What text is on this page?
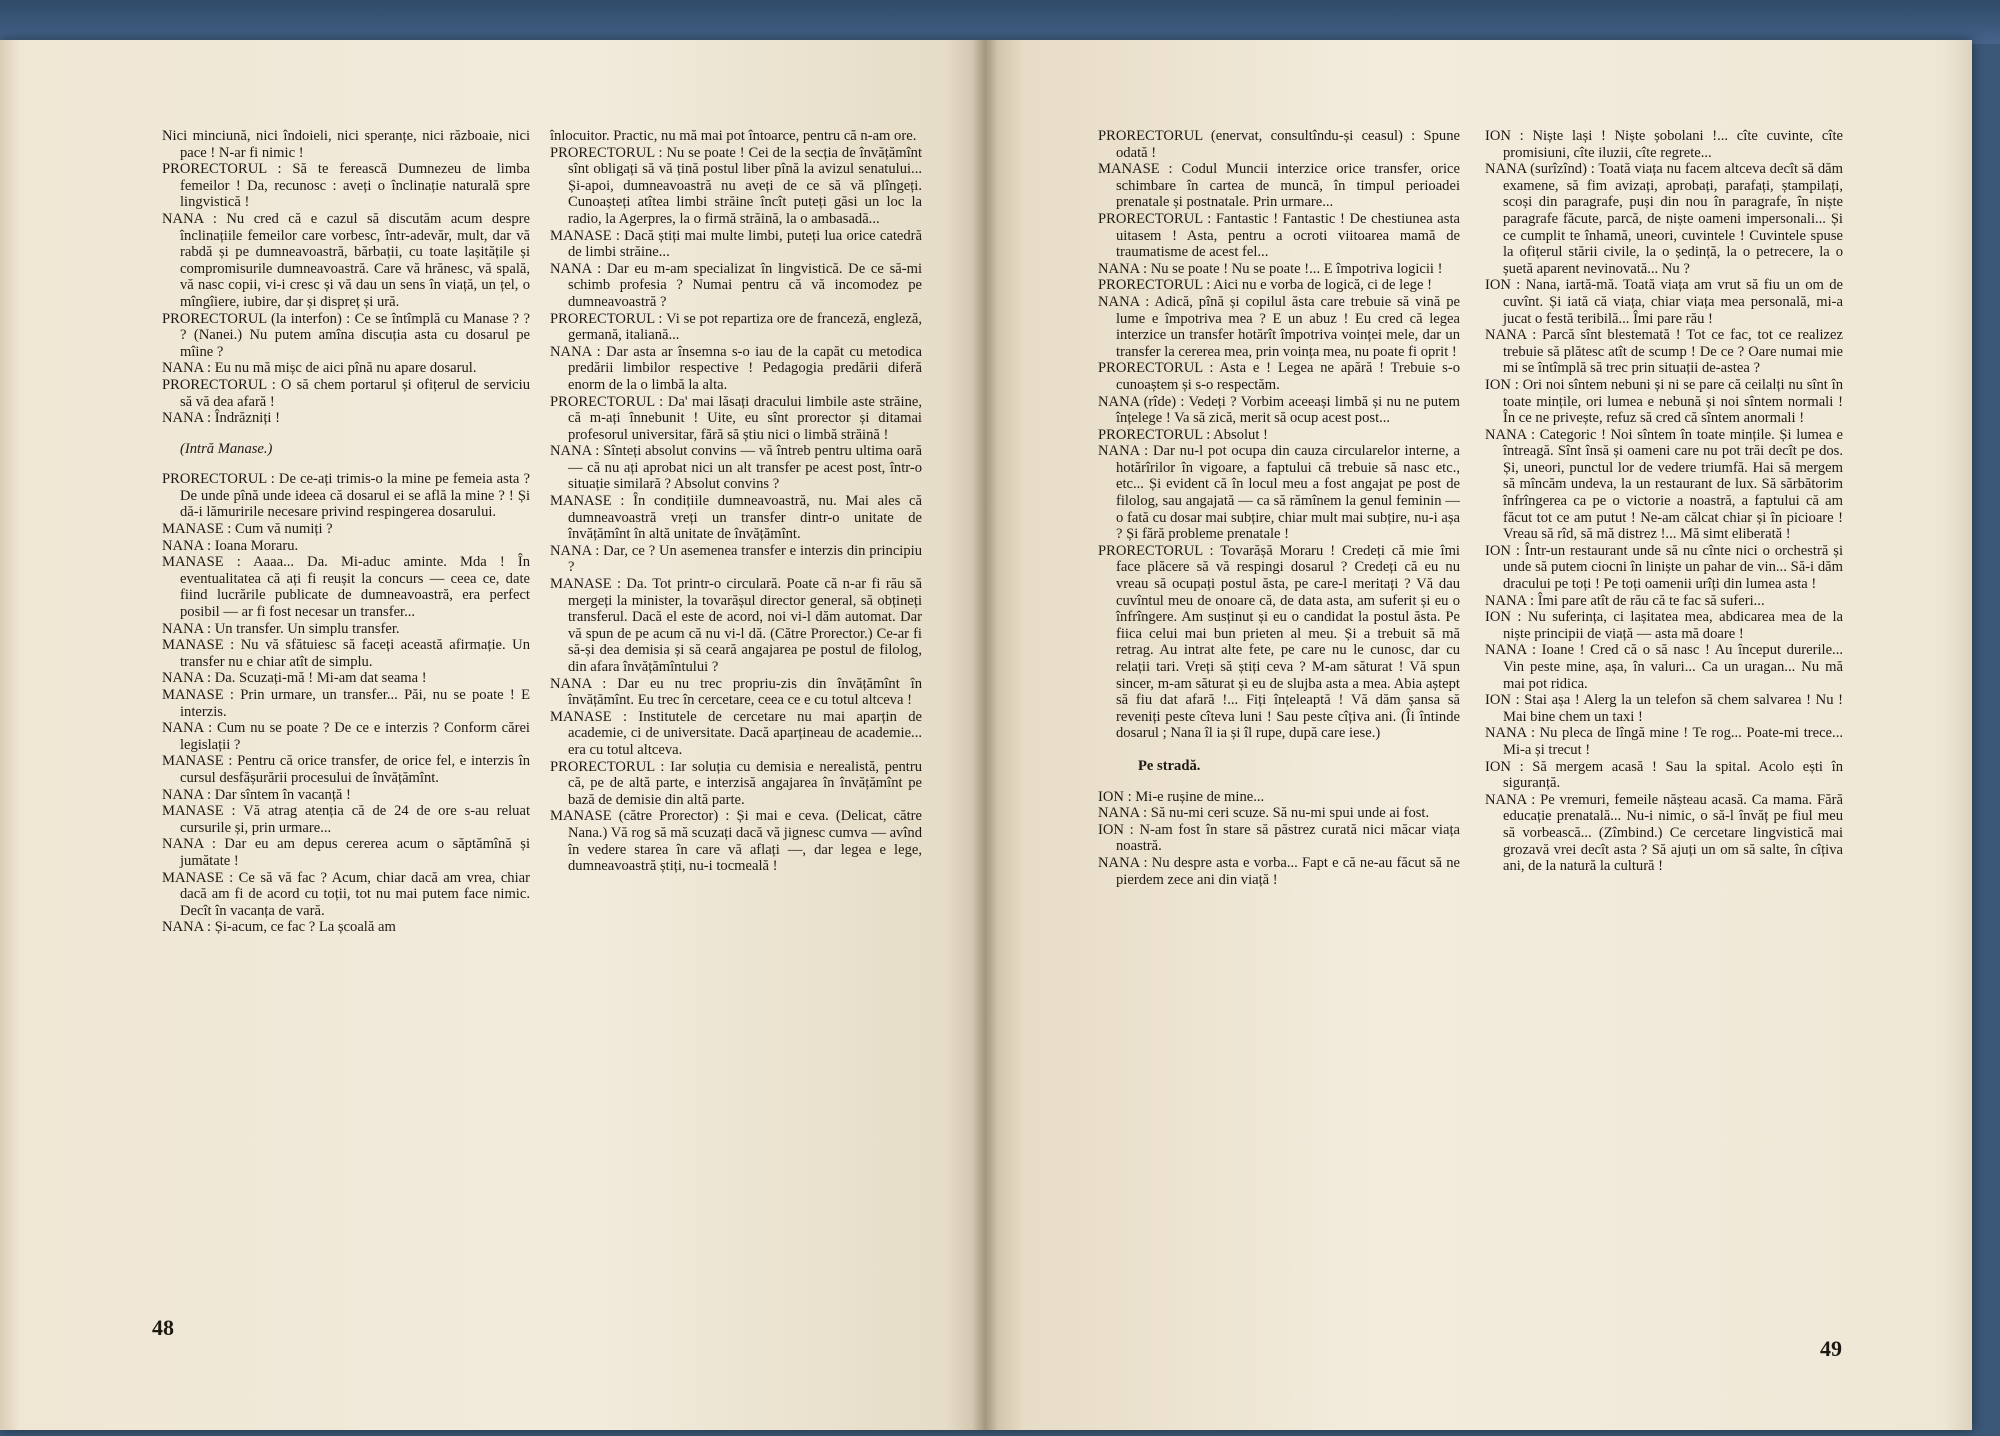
Nici minciună, nici îndoieli, nici speranțe, nici războaie, nici pace ! N-ar fi nimic !

PRORECTORUL : Să te ferească Dumnezeu de limba femeilor ! Da, recunosc : aveți o înclinație naturală spre lingvistică !

NANA : Nu cred că e cazul să discutăm acum despre înclinațiile femeilor care vorbesc, într-adevăr, mult, dar vă rabdă și pe dumneavoastră, bărbații, cu toate lașitățile și compromisurile dumneavoastră. Care vă hrănesc, vă spală, vă nasc copii, vi-i cresc și vă dau un sens în viață, un țel, o mîngîiere, iubire, dar și dispreț și ură.

PRORECTORUL (la interfon) : Ce se întîmplă cu Manase ? ? ? (Nanei.) Nu putem amîna discuția asta cu dosarul pe mîine ?

NANA : Eu nu mă mișc de aici pînă nu apare dosarul.

PRORECTORUL : O să chem portarul și ofițerul de serviciu să vă dea afară !

NANA : Îndrăzniți !

(Intră Manase.)

PRORECTORUL : De ce-ați trimis-o la mine pe femeia asta ? De unde pînă unde ideea că dosarul ei se află la mine ? ! Și dă-i lămuririle necesare privind respingerea dosarului.

MANASE : Cum vă numiți ?

NANA : Ioana Moraru.

MANASE : Aaaa... Da. Mi-aduc aminte. Mda ! În eventualitatea că ați fi reușit la concurs — ceea ce, date fiind lucrările publicate de dumneavoastră, era perfect posibil — ar fi fost necesar un transfer...

NANA : Un transfer. Un simplu transfer.

MANASE : Nu vă sfătuiesc să faceți această afirmație. Un transfer nu e chiar atît de simplu.

NANA : Da. Scuzați-mă ! Mi-am dat seama !

MANASE : Prin urmare, un transfer... Păi, nu se poate ! E interzis.

NANA : Cum nu se poate ? De ce e interzis ? Conform cărei legislații ?

MANASE : Pentru că orice transfer, de orice fel, e interzis în cursul desfășurării procesului de învățămînt.

NANA : Dar sîntem în vacanță !

MANASE : Vă atrag atenția că de 24 de ore s-au reluat cursurile și, prin urmare...

NANA : Dar eu am depus cererea acum o săptămînă și jumătate !

MANASE : Ce să vă fac ? Acum, chiar dacă am vrea, chiar dacă am fi de acord cu toții, tot nu mai putem face nimic. Decît în vacanța de vară.

NANA : Și-acum, ce fac ? La școală am

înlocuitor. Practic, nu mă mai pot întoarce, pentru că n-am ore.

PRORECTORUL : Nu se poate ! Cei de la secția de învățămînt sînt obligați să vă țină postul liber pînă la avizul senatului... Și-apoi, dumneavoastră nu aveți de ce să vă plîngeți. Cunoașteți atîtea limbi străine încît puteți găsi un loc la radio, la Agerpres, la o firmă străină, la o ambasadă...

MANASE : Dacă știți mai multe limbi, puteți lua orice catedră de limbi străine...

NANA : Dar eu m-am specializat în lingvistică. De ce să-mi schimb profesia ? Numai pentru că vă incomodez pe dumneavoastră ?

PRORECTORUL : Vi se pot repartiza ore de franceză, engleză, germană, italiană...

NANA : Dar asta ar însemna s-o iau de la capăt cu metodica predării limbilor respective ! Pedagogia predării diferă enorm de la o limbă la alta.

PRORECTORUL : Da' mai lăsați dracului limbile aste străine, că m-ați înnebunit ! Uite, eu sînt prorector și ditamai profesorul universitar, fără să știu nici o limbă străină !

NANA : Sînteți absolut convins — vă întreb pentru ultima oară — că nu ați aprobat nici un alt transfer pe acest post, într-o situație similară ? Absolut convins ?

MANASE : În condițiile dumneavoastră, nu. Mai ales că dumneavoastră vreți un transfer dintr-o unitate de învățămînt în altă unitate de învățămînt.

NANA : Dar, ce ? Un asemenea transfer e interzis din principiu ?

MANASE : Da. Tot printr-o circulară. Poate că n-ar fi rău să mergeți la minister, la tovarășul director general, să obțineți transferul. Dacă el este de acord, noi vi-l dăm automat. Dar vă spun de pe acum că nu vi-l dă. (Către Prorector.) Ce-ar fi să-și dea demisia și să ceară angajarea pe postul de filolog, din afara învățămîntului ?

NANA : Dar eu nu trec propriu-zis din învățămînt în învățămînt. Eu trec în cercetare, ceea ce e cu totul altceva !

MANASE : Institutele de cercetare nu mai aparțin de academie, ci de universitate. Dacă aparțineau de academie... era cu totul altceva.

PRORECTORUL : Iar soluția cu demisia e nerealistă, pentru că, pe de altă parte, e interzisă angajarea în învățămînt pe bază de demisie din altă parte.

MANASE (către Prorector) : Și mai e ceva. (Delicat, către Nana.) Vă rog să mă scuzați dacă vă jignesc cumva — avînd în vedere starea în care vă aflați —, dar legea e lege, dumneavoastră știți, nu-i tocmeală !

PRORECTORUL (enervat, consultîndu-și ceasul) : Spune odată !

MANASE : Codul Muncii interzice orice transfer, orice schimbare în cartea de muncă, în timpul perioadei prenatale și postnatale. Prin urmare...

PRORECTORUL : Fantastic ! Fantastic ! De chestiunea asta uitasem ! Asta, pentru a ocroti viitoarea mamă de traumatisme de acest fel...

NANA : Nu se poate ! Nu se poate !... E împotriva logicii !

PRORECTORUL : Aici nu e vorba de logică, ci de lege !

NANA : Adică, pînă și copilul ăsta care trebuie să vină pe lume e împotriva mea ? E un abuz ! Eu cred că legea interzice un transfer hotărît împotriva voinței mele, dar un transfer la cererea mea, prin voința mea, nu poate fi oprit !

PRORECTORUL : Asta e ! Legea ne apără ! Trebuie s-o cunoaștem și s-o respectăm.

NANA (rîde) : Vedeți ? Vorbim aceeași limbă și nu ne putem înțelege ! Va să zică, merit să ocup acest post...

PRORECTORUL : Absolut !

NANA : Dar nu-l pot ocupa din cauza circularelor interne, a hotărîrilor în vigoare, a faptului că trebuie să nasc etc., etc... Și evident că în locul meu a fost angajat pe post de filolog, sau angajată — ca să rămînem la genul feminin — o fată cu dosar mai subțire, chiar mult mai subțire, nu-i așa ? Și fără probleme prenatale !

PRORECTORUL : Tovarășă Moraru ! Credeți că mie îmi face plăcere să vă respingi dosarul ? Credeți că eu nu vreau să ocupați postul ăsta, pe care-l meritați ? Vă dau cuvîntul meu de onoare că, de data asta, am suferit și eu o înfrîngere. Am susținut și eu o candidat la postul ăsta. Pe fiica celui mai bun prieten al meu. Și a trebuit să mă retrag. Au intrat alte fete, pe care nu le cunosc, dar cu relații tari. Vreți să știți ceva ? M-am săturat ! Vă spun sincer, m-am săturat și eu de slujba asta a mea. Abia aștept să fiu dat afară !... Fiți înțeleaptă ! Vă dăm șansa să reveniți peste cîteva luni ! Sau peste cîțiva ani. (Îi întinde dosarul ; Nana îl ia și îl rupe, după care iese.)

Pe stradă.

ION : Mi-e rușine de mine...

NANA : Să nu-mi ceri scuze. Să nu-mi spui unde ai fost.

ION : N-am fost în stare să păstrez curată nici măcar viața noastră.

NANA : Nu despre asta e vorba... Fapt e că ne-au făcut să ne pierdem zece ani din viață !

ION : Niște lași ! Niște șobolani !... cîte cuvinte, cîte promisiuni, cîte iluzii, cîte regrete...

NANA (surîzînd) : Toată viața nu facem altceva decît să dăm examene, să fim avizați, aprobați, parafați, ștampilați, scoși din paragrafe, puși din nou în paragrafe, în niște paragrafe făcute, parcă, de niște oameni impersonali... Și ce cumplit te înhamă, uneori, cuvintele ! Cuvintele spuse la ofițerul stării civile, la o ședință, la o petrecere, la o șuetă aparent nevinovată... Nu ?

ION : Nana, iartă-mă. Toată viața am vrut să fiu un om de cuvînt. Și iată că viața, chiar viața mea personală, mi-a jucat o festă teribilă... Îmi pare rău !

NANA : Parcă sînt blestemată ! Tot ce fac, tot ce realizez trebuie să plătesc atît de scump ! De ce ? Oare numai mie mi se întîmplă să trec prin situații de-astea ?

ION : Ori noi sîntem nebuni și ni se pare că ceilalți nu sînt în toate mințile, ori lumea e nebună și noi sîntem normali ! În ce ne privește, refuz să cred că sîntem anormali !

NANA : Categoric ! Noi sîntem în toate mințile. Și lumea e întreagă. Sînt însă și oameni care nu pot trăi decît pe dos. Și, uneori, punctul lor de vedere triumfă. Hai să mergem să mîncăm undeva, la un restaurant de lux. Să sărbătorim înfrîngerea ca pe o victorie a noastră, a faptului că am făcut tot ce am putut ! Ne-am călcat chiar și în picioare ! Vreau să rîd, să mă distrez !... Mă simt eliberată !

ION : Într-un restaurant unde să nu cînte nici o orchestră și unde să putem ciocni în liniște un pahar de vin... Să-i dăm dracului pe toți ! Pe toți oamenii urîți din lumea asta !

NANA : Îmi pare atît de rău că te fac să suferi...

ION : Nu suferința, ci lașitatea mea, abdicarea mea de la niște principii de viață — asta mă doare !

NANA : Ioane ! Cred că o să nasc ! Au început durerile... Vin peste mine, așa, în valuri... Ca un uragan... Nu mă mai pot ridica.

ION : Stai așa ! Alerg la un telefon să chem salvarea ! Nu ! Mai bine chem un taxi !

NANA : Nu pleca de lîngă mine ! Te rog... Poate-mi trece... Mi-a și trecut !

ION : Să mergem acasă ! Sau la spital. Acolo ești în siguranță.

NANA : Pe vremuri, femeile nășteau acasă. Ca mama. Fără educație prenatală... Nu-i nimic, o să-l învăț pe fiul meu să vorbească... (Zîmbind.) Ce cercetare lingvistică mai grozavă vrei decît asta ? Să ajuți un om să salte, în cîțiva ani, de la natură la cultură !

48
49
